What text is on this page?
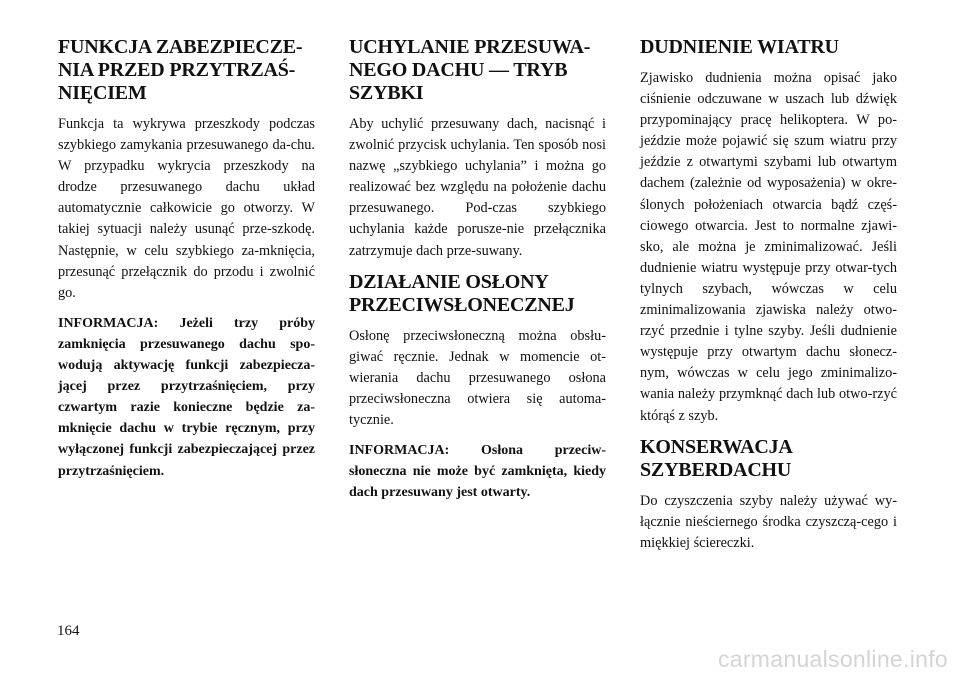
FUNKCJA ZABEZPIECZE-
NIA PRZED PRZYTRZAŚ-
NIĘCIEM

Funkcja ta wykrywa przeszkody podczas szybkiego zamykania przesuwanego da-chu. W przypadku wykrycia przeszkody na drodze przesuwanego dachu układ automatycznie całkowicie go otworzy. W takiej sytuacji należy usunąć prze-szkodę. Następnie, w celu szybkiego za-mknięcia, przesunąć przełącznik do przodu i zwolnić go.

INFORMACJA: Jeżeli trzy próby zamknięcia przesuwanego dachu spo-wodują aktywację funkcji zabezpiecza-jącej przez przytrzaśnięciem, przy czwartym razie konieczne będzie za-mknięcie dachu w trybie ręcznym, przy wyłączonej funkcji zabezpieczającej przez przytrzaśnięciem.

UCHYLANIE PRZESUWA-
NEGO DACHU — TRYB
SZYBKI

Aby uchylić przesuwany dach, nacisnąć i zwolnić przycisk uchylania. Ten sposób nosi nazwę „szybkiego uchylania” i można go realizować bez względu na położenie dachu przesuwanego. Pod-czas szybkiego uchylania każde porusze-nie przełącznika zatrzymuje dach prze-suwany.

DZIAŁANIE OSŁONY
PRZECIWSŁONECZNEJ

Osłonę przeciwsłoneczną można obsłu-giwać ręcznie. Jednak w momencie ot-wierania dachu przesuwanego osłona przeciwsłoneczna otwiera się automa-tycznie.

INFORMACJA: Osłona przeciw-słoneczna nie może być zamknięta, kiedy dach przesuwany jest otwarty.

DUDNIENIE WIATRU

Zjawisko dudnienia można opisać jako ciśnienie odczuwane w uszach lub dźwięk przypominający pracę helikoptera. W po-jeździe może pojawić się szum wiatru przy jeździe z otwartymi szybami lub otwartym dachem (zależnie od wyposażenia) w okre-ślonych położeniach otwarcia bądź częś-ciowego otwarcia. Jest to normalne zjawi-sko, ale można je zminimalizować. Jeśli dudnienie wiatru występuje przy otwar-tych tylnych szybach, wówczas w celu zminimalizowania zjawiska należy otwo-rzyć przednie i tylne szyby. Jeśli dudnienie występuje przy otwartym dachu słonecz-nym, wówczas w celu jego zminimalizo-wania należy przymknąć dach lub otwo-rzyć którąś z szyb.

KONSERWACJA
SZYBERDACHU

Do czyszczenia szyby należy używać wy-łącznie nieściernego środka czyszczą-cego i miękkiej ściereczki.

164
carmanualsonline.info
